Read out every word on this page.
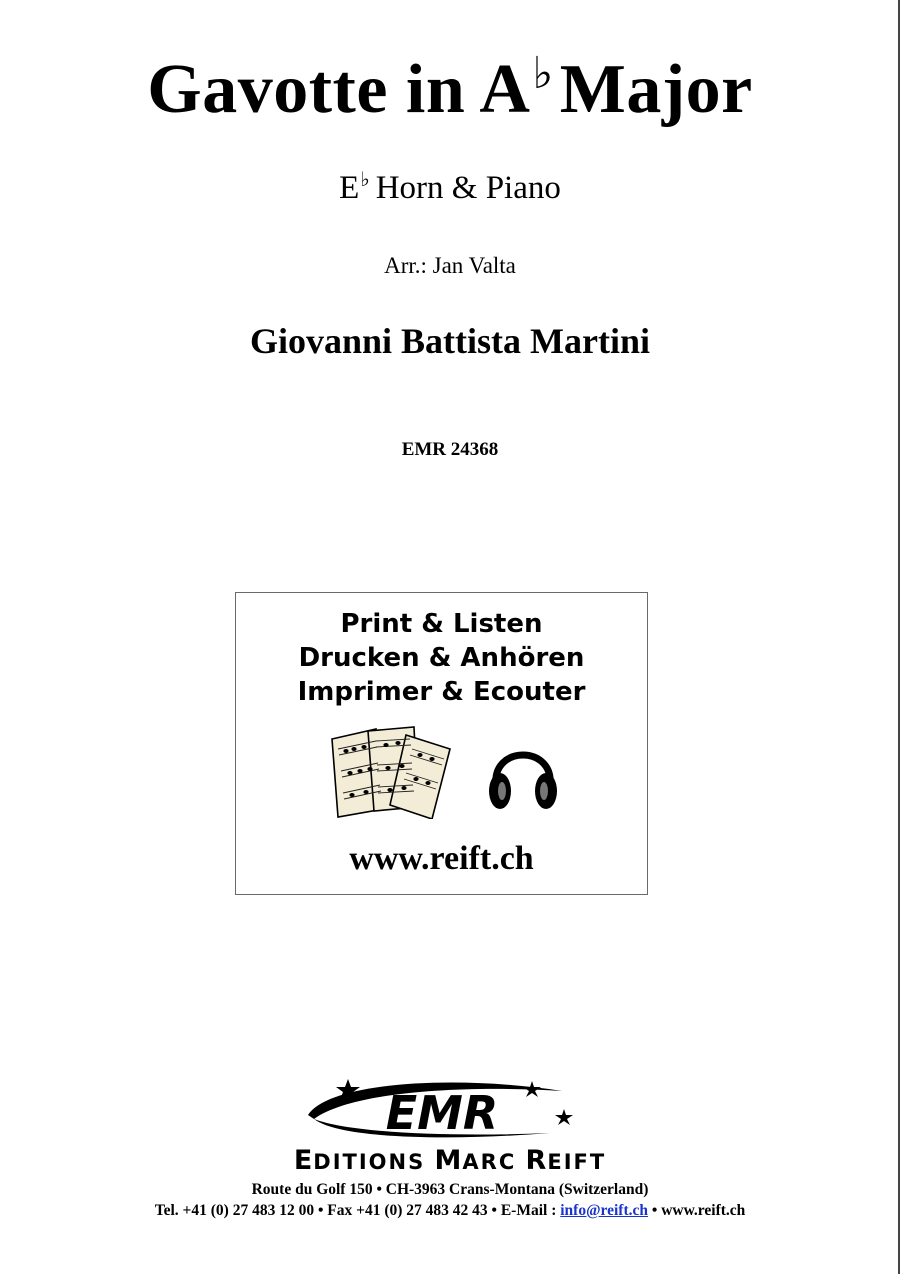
Gavotte in A♭Major
E♭ Horn & Piano
Arr.: Jan Valta
Giovanni Battista Martini
EMR 24368
Print & Listen
Drucken & Anhören
Imprimer & Ecouter
www.reift.ch
EMR
EDITIONS MARC REIFT
Route du Golf 150 • CH-3963 Crans-Montana (Switzerland)
Tel. +41 (0) 27 483 12 00 • Fax +41 (0) 27 483 42 43 • E-Mail : info@reift.ch • www.reift.ch
